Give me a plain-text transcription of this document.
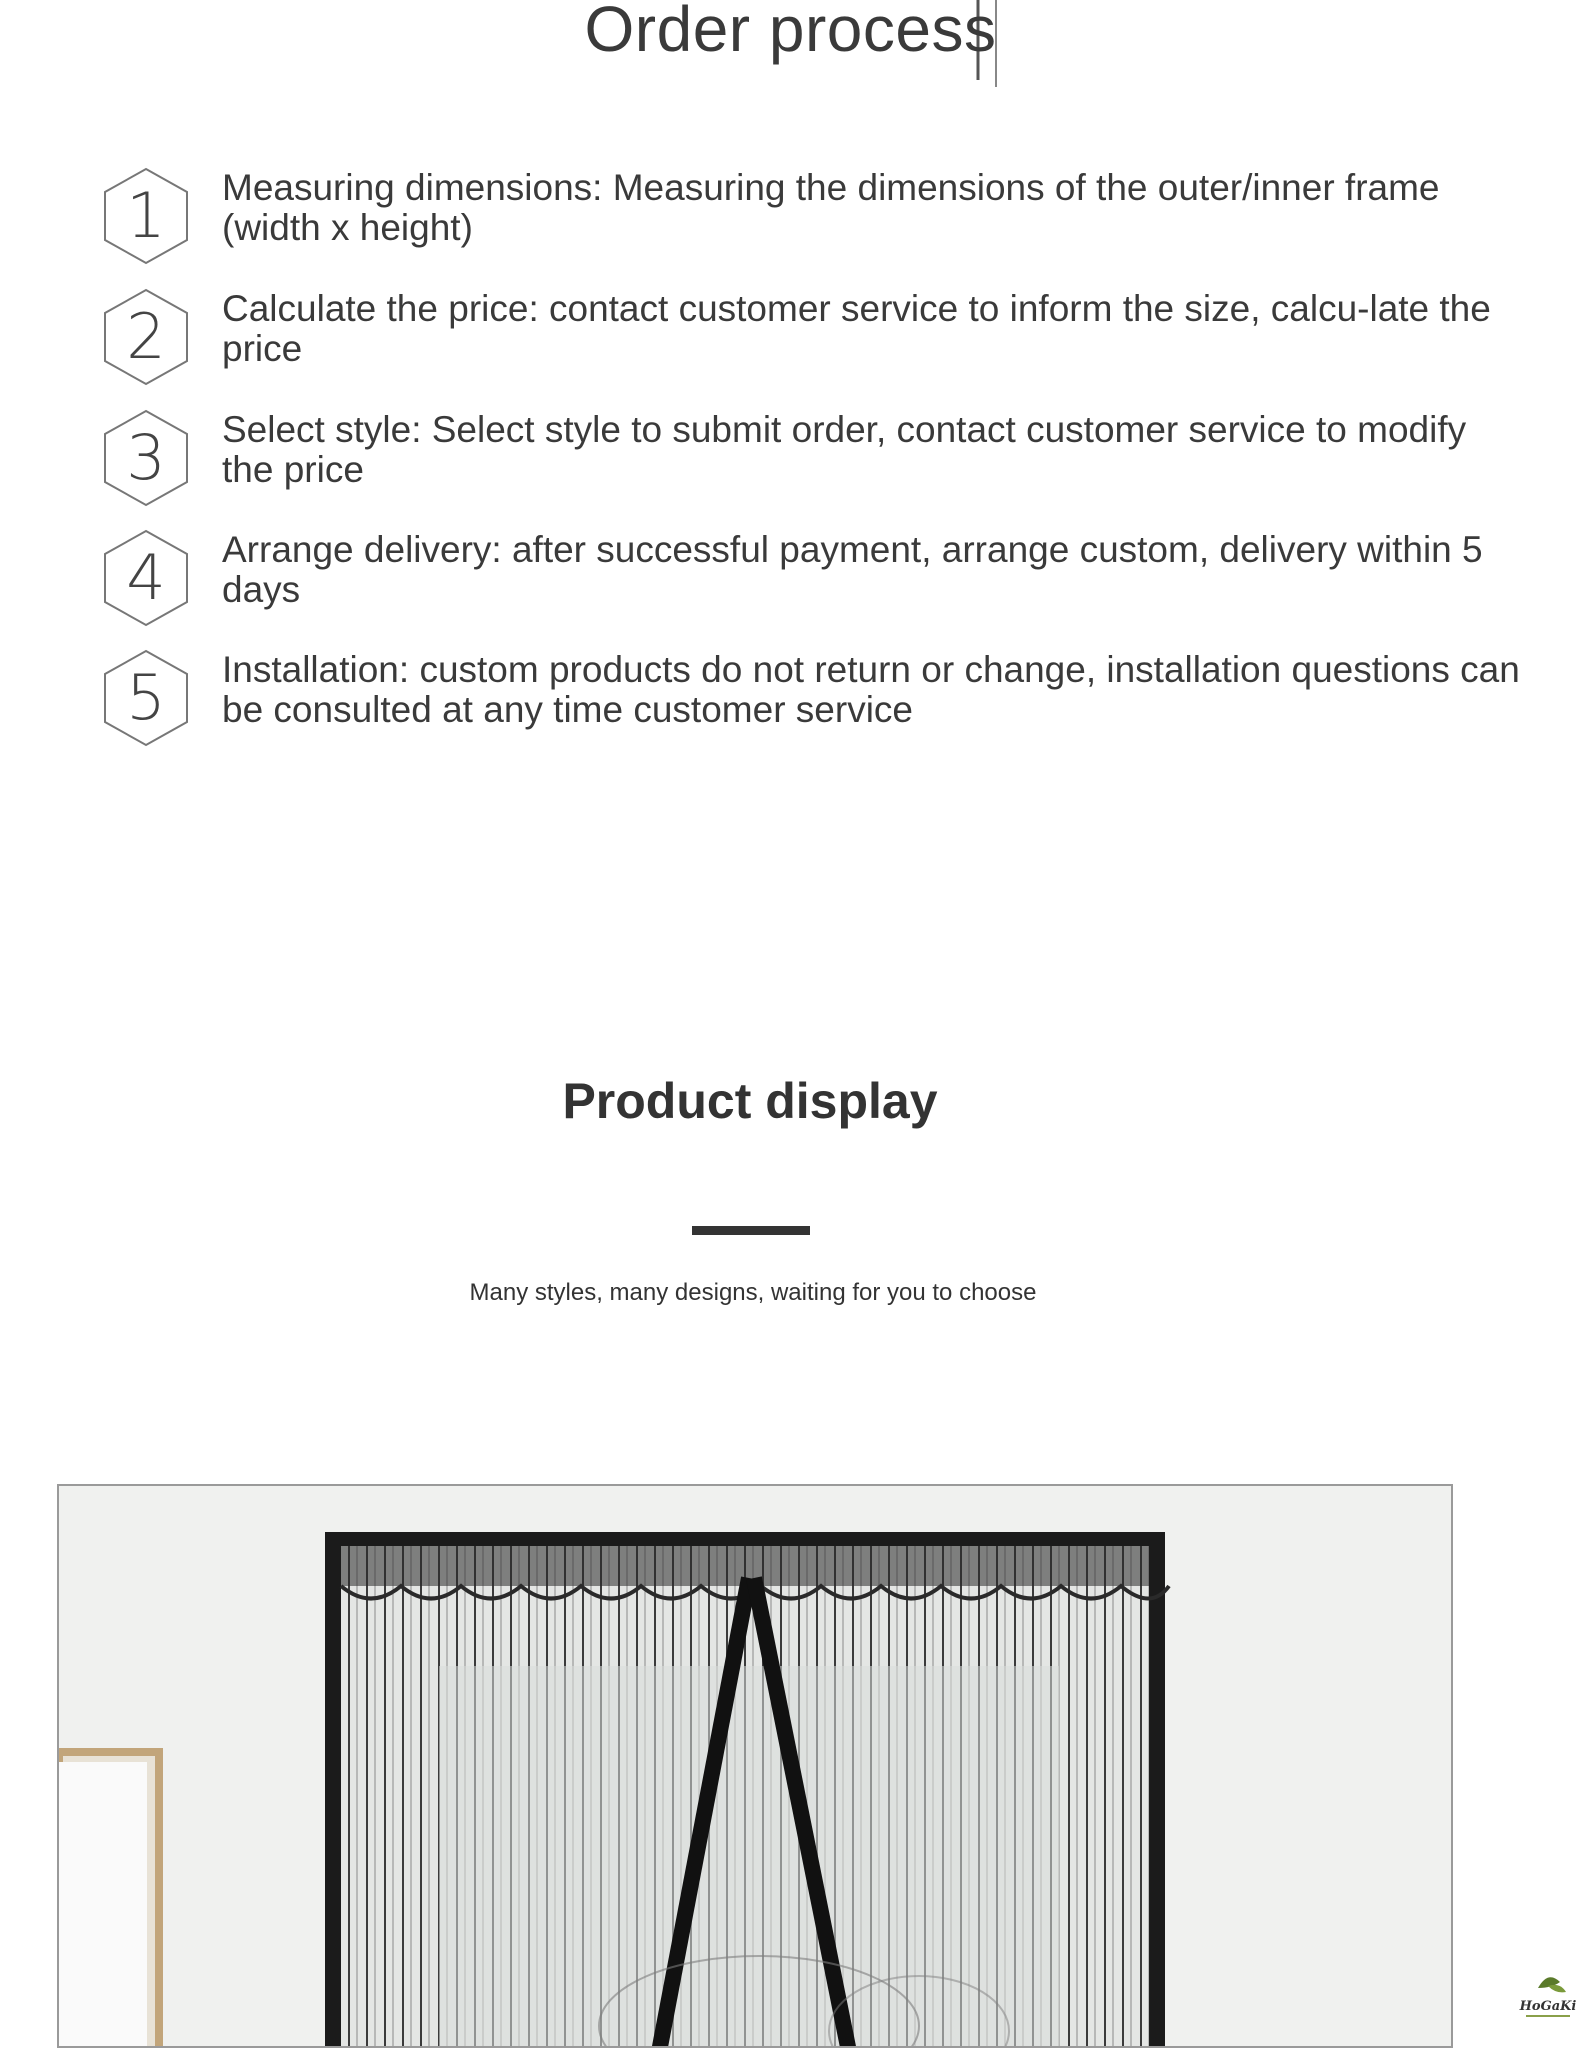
Order process
1 Measuring dimensions: Measuring the dimensions of the outer/inner frame (width x height)
2 Calculate the price: contact customer service to inform the size, calcu-late the price
3 Select style: Select style to submit order, contact customer service to modify the price
4 Arrange delivery: after successful payment, arrange custom, delivery within 5 days
5 Installation: custom products do not return or change, installation questions can be consulted at any time customer service
Product display
Many styles, many designs, waiting for you to choose
HoGaKi
